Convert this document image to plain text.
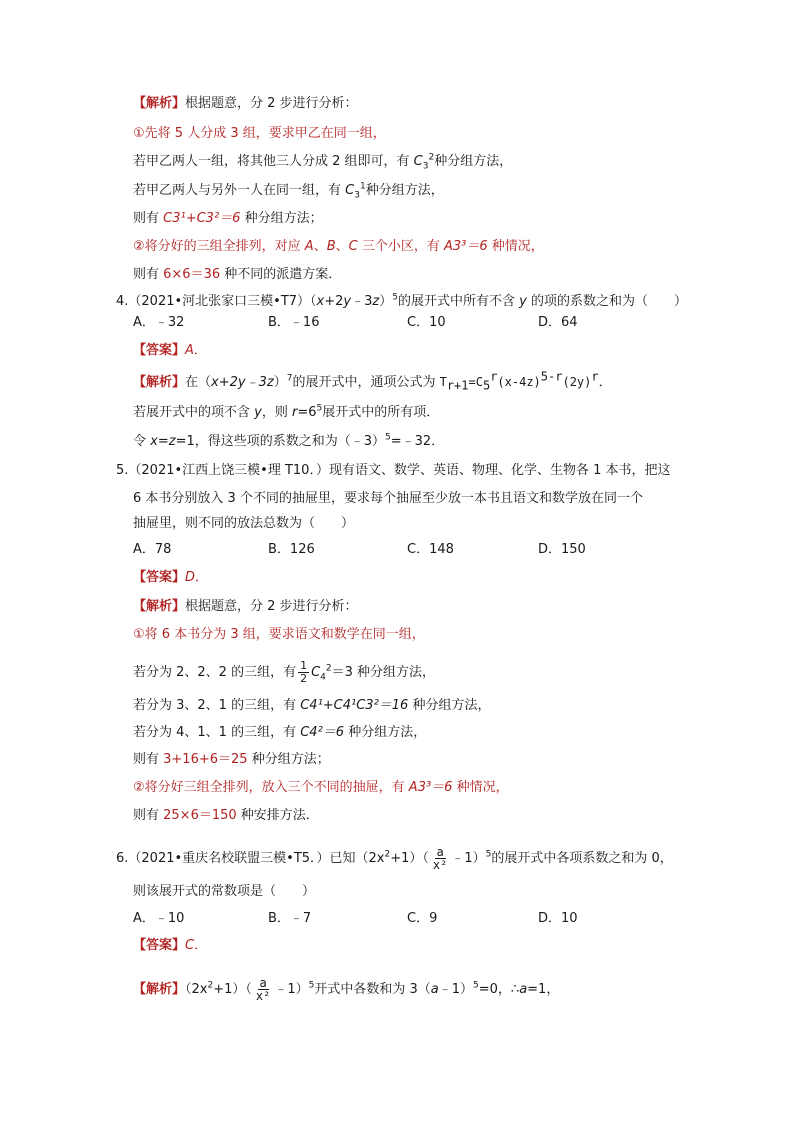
【解析】根据题意，分 2 步进行分析：
①先将 5 人分成 3 组，要求甲乙在同一组，
若甲乙两人一组，将其他三人分成 2 组即可，有 $C_3^2$种分组方法，
若甲乙两人与另外一人在同一组，有 $C_3^1$种分组方法，
则有 C3¹+C3²＝6 种分组方法；
②将分好的三组全排列，对应 A、B、C 三个小区，有 A3³＝6 种情况，
则有 6×6＝36 种不同的派遣方案．
4.（2021•河北张家口三模•T7）（x+2y﹣3z）$^5$的展开式中所有不含 y 的项的系数之和为（　　）
A．﹣32	B．﹣16	C．10	D．64
【答案】A．
【解析】在（x+2y﹣3z）$^7$的展开式中，通项公式为 $T_{r+1}=C_5^r(x-4z)^{5-r}(2y)^r$．
若展开式中的项不含 y，则 $r=6^5$展开式中的所有项．
令 x=z=1，得这些项的系数之和为（﹣3）$^5$=﹣32．
5.（2021•江西上饶三模•理 T10．）现有语文、数学、英语、物理、化学、生物各 1 本书，把这
6 本书分别放入 3 个不同的抽屉里，要求每个抽屉至少放一本书且语文和数学放在同一个
抽屉里，则不同的放法总数为（　　）
A．78	B．126	C．148	D．150
【答案】D．
【解析】根据题意，分 2 步进行分析：
①将 6 本书分为 3 组，要求语文和数学在同一组，
若分为 2、2、2 的三组，有 $\frac{1}{2} C_4^2=3$ 种分组方法，
若分为 3、2、1 的三组，有 C4¹+C4¹C3²＝16 种分组方法，
若分为 4、1、1 的三组，有 C4²＝6 种分组方法，
则有 3+16+6＝25 种分组方法；
②将分好三组全排列，放入三个不同的抽屉，有 A3³＝6 种情况，
则有 25×6＝150 种安排方法．
6.（2021•重庆名校联盟三模•T5．）已知$(2x^2+1)( \frac{a}{\text{x²}}$ ﹣1）$^5$的展开式中各项系数之和为 0，
则该展开式的常数项是（　　）
A．﹣10	B．﹣7	C．9	D．10
【答案】C．
【解析】$(2x^2+1)( \frac{a}{\text{x²}}$ ﹣1）$^5$开式中各数和为 3（a﹣1）$^5$=0，∴a=1，
